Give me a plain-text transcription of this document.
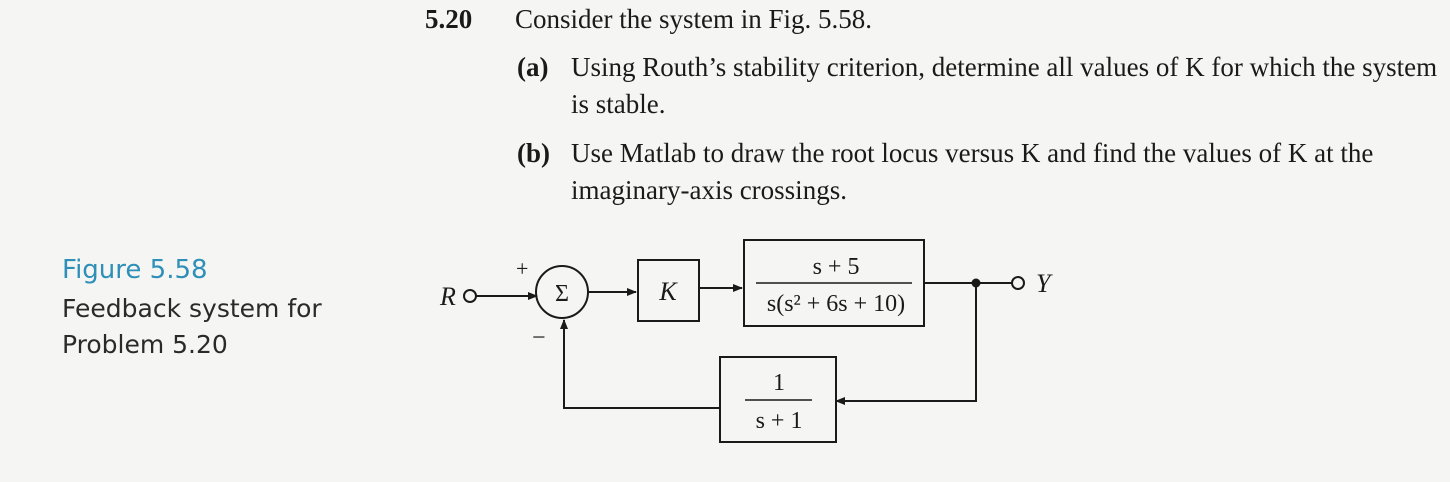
5.20 Consider the system in Fig. 5.58.
(a) Using Routh’s stability criterion, determine all values of K for which the system is stable.
(b) Use Matlab to draw the root locus versus K and find the values of K at the imaginary-axis crossings.
Figure 5.58
Feedback system for Problem 5.20
R	Y
Σ
+
−
K
s + 5
s(s² + 6s + 10)
1
s + 1
